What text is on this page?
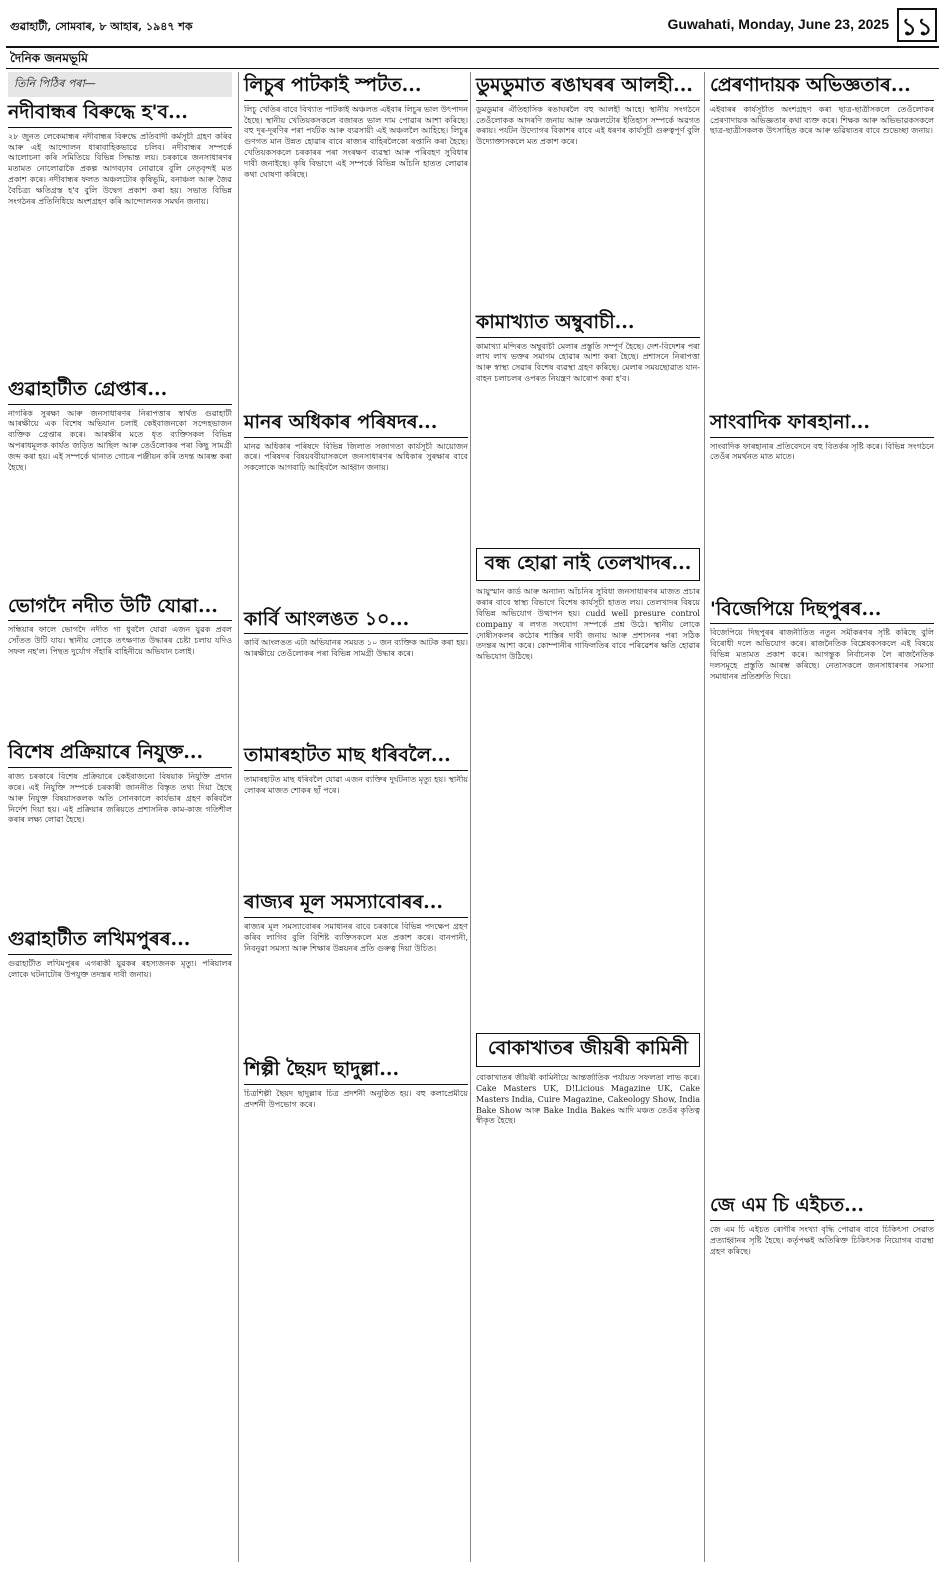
গুৱাহাটী, সোমবাৰ, ৮ আহাৰ, ১৯৪৭ শক	Guwahati, Monday, June 23, 2025 ১১
দৈনিক জনমভূমি
তিনি পিঠিৰ পৰা—
নদীবান্ধৰ বিৰুদ্ধে হ'ব...

২৮ জুনত লেকেমান্ধৰ নদীবান্ধৰ বিৰুদ্ধে প্ৰতিবাদী কৰ্মসূচী গ্ৰহণ কৰিব আৰু এই আন্দোলন ধাৰাবাহিকভাৱে চলিব। নদীবান্ধৰ সম্পৰ্কে আলোচনা কৰি সমিতিয়ে বিভিন্ন সিদ্ধান্ত লয়। চৰকাৰে জনসাধাৰণৰ মতামত নোলোৱাকৈ প্ৰকল্প আগবঢ়াব নোৱাৰে বুলি নেতৃবৃন্দই মত প্ৰকাশ কৰে। নদীবান্ধৰ ফলত অঞ্চলটোৰ কৃষিভূমি, বনাঞ্চল আৰু জৈৱ বৈচিত্ৰ্য ক্ষতিগ্ৰস্ত হ'ব বুলি উদ্বেগ প্ৰকাশ কৰা হয়। সভাত বিভিন্ন সংগঠনৰ প্ৰতিনিধিয়ে অংশগ্ৰহণ কৰি আন্দোলনক সমৰ্থন জনায়।

গুৱাহাটীত গ্ৰেপ্তাৰ...

নাগৰিক সুৰক্ষা আৰু জনসাধাৰণৰ নিৰাপত্তাৰ স্বাৰ্থত গুৱাহাটী আৰক্ষীয়ে এক বিশেষ অভিযান চলাই কেইবাজনকো সন্দেহভাজন ব্যক্তিক গ্ৰেপ্তাৰ কৰে। আৰক্ষীৰ মতে ধৃত ব্যক্তিসকল বিভিন্ন অপৰাধমূলক কাৰ্যত জড়িত আছিল আৰু তেওঁলোকৰ পৰা কিছু সামগ্ৰী জব্দ কৰা হয়। এই সম্পৰ্কে থানাত গোচৰ পঞ্জীয়ন কৰি তদন্ত আৰম্ভ কৰা হৈছে।

ভোগদৈ নদীত উটি যোৱা...

সন্ধিয়াৰ ফালে ভোগদৈ নদীত গা ধুবলৈ যোৱা এজন যুৱক প্ৰবল সোঁতত উটি যায়। স্থানীয় লোকে তৎক্ষণাত উদ্ধাৰৰ চেষ্টা চলায় যদিও সফল নহ'ল। পিছত দুৰ্যোগ সঁহাৰি বাহিনীয়ে অভিযান চলাই।

বিশেষ প্ৰক্ৰিয়াৰে নিযুক্ত...

ৰাজ্য চৰকাৰে বিশেষ প্ৰক্ৰিয়াৰে কেইবাজনো বিষয়াক নিযুক্তি প্ৰদান কৰে। এই নিযুক্তি সম্পৰ্কে চৰকাৰী জাননীত বিস্তৃত তথ্য দিয়া হৈছে আৰু নিযুক্ত বিষয়াসকলক অতি সোনকালে কাৰ্যভাৰ গ্ৰহণ কৰিবলৈ নিৰ্দেশ দিয়া হয়। এই প্ৰক্ৰিয়াৰ জৰিয়তে প্ৰশাসনিক কাম-কাজ গতিশীল কৰাৰ লক্ষ্য লোৱা হৈছে।

গুৱাহাটীত লখিমপুৰৰ...

গুৱাহাটীত লখিমপুৰৰ এগৰাকী যুৱকৰ ৰহস্যজনক মৃত্যু। পৰিয়ালৰ লোকে ঘটনাটোৰ উপযুক্ত তদন্তৰ দাবী জনায়।

লিচুৰ পাটকাই স্পটত...

লিচু খেতিৰ বাবে বিখ্যাত পাটকাই অঞ্চলত এইবাৰ লিচুৰ ভাল উৎপাদন হৈছে। স্থানীয় খেতিয়কসকলে বজাৰত ভাল দাম পোৱাৰ আশা কৰিছে। বহু দূৰ-দূৰণিৰ পৰা পৰ্যটক আৰু ব্যৱসায়ী এই অঞ্চললৈ আহিছে। লিচুৰ গুণগত মান উন্নত হোৱাৰ বাবে ৰাজ্যৰ বাহিৰলৈকো ৰপ্তানি কৰা হৈছে। খেতিয়কসকলে চৰকাৰৰ পৰা সংৰক্ষণ ব্যৱস্থা আৰু পৰিবহণ সুবিধাৰ দাবী জনাইছে। কৃষি বিভাগে এই সম্পৰ্কে বিভিন্ন আঁচনি হাতত লোৱাৰ কথা ঘোষণা কৰিছে।

মানৰ অধিকাৰ পৰিষদৰ...

মানৱ অধিকাৰ পৰিষদে বিভিন্ন জিলাত সজাগতা কাৰ্যসূচী আয়োজন কৰে। পৰিষদৰ বিষয়ববীয়াসকলে জনসাধাৰণৰ অধিকাৰ সুৰক্ষাৰ বাবে সকলোকে আগবাঢ়ি আহিবলৈ আহ্বান জনায়।

কাৰ্বি আংলঙত ১০...

কাৰ্বি আংলঙত এটা অভিযানৰ সময়ত ১০ জন ব্যক্তিক আটক কৰা হয়। আৰক্ষীয়ে তেওঁলোকৰ পৰা বিভিন্ন সামগ্ৰী উদ্ধাৰ কৰে।

তামাৰহাটত মাছ ধৰিবলৈ...

তামাৰহাটত মাছ ধৰিবলৈ যোৱা এজন ব্যক্তিৰ দুৰ্ঘটনাত মৃত্যু হয়। স্থানীয় লোকৰ মাজত শোকৰ ছাঁ পৰে।

ৰাজ্যৰ মূল সমস্যাবোৰৰ...

ৰাজ্যৰ মূল সমস্যাবোৰৰ সমাধানৰ বাবে চৰকাৰে বিভিন্ন পদক্ষেপ গ্ৰহণ কৰিব লাগিব বুলি বিশিষ্ট ব্যক্তিসকলে মত প্ৰকাশ কৰে। বানপানী, নিবনুৱা সমস্যা আৰু শিক্ষাৰ উন্নয়নৰ প্ৰতি গুৰুত্ব দিয়া উচিত।

শিল্পী ছৈয়দ ছাদুল্লা...

চিত্ৰশিল্পী ছৈয়দ ছাদুল্লাৰ চিত্ৰ প্ৰদৰ্শনী অনুষ্ঠিত হয়। বহু কলাপ্ৰেমীয়ে প্ৰদৰ্শনী উপভোগ কৰে।

ডুমডুমাত ৰঙাঘৰৰ আলহী...

ডুমডুমাৰ ঐতিহাসিক ৰঙাঘৰলৈ বহু আলহী আহে। স্থানীয় সংগঠনে তেওঁলোকক আদৰণি জনায় আৰু অঞ্চলটোৰ ইতিহাস সম্পৰ্কে অৱগত কৰায়। পৰ্যটন উদ্যোগৰ বিকাশৰ বাবে এই ধৰণৰ কাৰ্যসূচী গুৰুত্বপূৰ্ণ বুলি উদ্যোক্তাসকলে মত প্ৰকাশ কৰে।

কামাখ্যাত অম্বুবাচী...

কামাখ্যা মন্দিৰত অম্বুবাচী মেলাৰ প্ৰস্তুতি সম্পূৰ্ণ হৈছে। দেশ-বিদেশৰ পৰা লাখ লাখ ভক্তৰ সমাগম হোৱাৰ আশা কৰা হৈছে। প্ৰশাসনে নিৰাপত্তা আৰু স্বাস্থ্য সেৱাৰ বিশেষ ব্যৱস্থা গ্ৰহণ কৰিছে। মেলাৰ সময়ছোৱাত যান-বাহন চলাচলৰ ওপৰত নিয়ন্ত্ৰণ আৰোপ কৰা হ'ব।

বন্ধ হোৱা নাই তেলখাদৰ...

আয়ুস্মান কাৰ্ড আৰু অন্যান্য আঁচনিৰ সুবিধা জনসাধাৰণৰ মাজত প্ৰচাৰ কৰাৰ বাবে স্বাস্থ্য বিভাগে বিশেষ কাৰ্যসূচী হাতত লয়। তেলখাদৰ বিষয়ে বিভিন্ন অভিযোগ উত্থাপন হয়। cudd well presure control company ৰ লগত সংযোগ সম্পৰ্কে প্ৰশ্ন উঠে। স্থানীয় লোকে দোষীসকলৰ কঠোৰ শাস্তিৰ দাবী জনায় আৰু প্ৰশাসনৰ পৰা সঠিক তদন্তৰ আশা কৰে। কোম্পানীৰ গাফিলতিৰ বাবে পৰিৱেশৰ ক্ষতি হোৱাৰ অভিযোগ উঠিছে।

বোকাখাতৰ জীয়ৰী কামিনী

বোকাখাতৰ জীয়ৰী কামিনীয়ে আন্তৰ্জাতিক পৰ্যায়ত সফলতা লাভ কৰে। Cake Masters UK, D!Licious Magazine UK, Cake Masters India, Cuire Magazine, Cakeology Show, India Bake Show আৰু Bake India Bakes আদি মঞ্চত তেওঁৰ কৃতিত্ব স্বীকৃত হৈছে।

প্ৰেৰণাদায়ক অভিজ্ঞতাৰ...

এইবাৰৰ কাৰ্যসূচীত অংশগ্ৰহণ কৰা ছাত্ৰ-ছাত্ৰীসকলে তেওঁলোকৰ প্ৰেৰণাদায়ক অভিজ্ঞতাৰ কথা ব্যক্ত কৰে। শিক্ষক আৰু অভিভাৱকসকলে ছাত্ৰ-ছাত্ৰীসকলক উৎসাহিত কৰে আৰু ভৱিষ্যতৰ বাবে শুভেচ্ছা জনায়।

সাংবাদিক ফাৰহানা...

সাংবাদিক ফাৰহানাৰ প্ৰতিবেদনে বহু বিতৰ্কৰ সৃষ্টি কৰে। বিভিন্ন সংগঠনে তেওঁৰ সমৰ্থনত মাত মাতে।

'বিজেপিয়ে দিছপুৰৰ...

বিজেপিয়ে দিছপুৰৰ ৰাজনীতিত নতুন সমীকৰণৰ সৃষ্টি কৰিছে বুলি বিৰোধী দলে অভিযোগ কৰে। ৰাজনৈতিক বিশ্লেষকসকলে এই বিষয়ে বিভিন্ন মতামত প্ৰকাশ কৰে। আগন্তুক নিৰ্বাচনক লৈ ৰাজনৈতিক দলসমূহে প্ৰস্তুতি আৰম্ভ কৰিছে। নেতাসকলে জনসাধাৰণৰ সমস্যা সমাধানৰ প্ৰতিশ্ৰুতি দিয়ে।

জে এম চি এইচত...

জে এম চি এইচত ৰোগীৰ সংখ্যা বৃদ্ধি পোৱাৰ বাবে চিকিৎসা সেৱাত প্ৰত্যাহ্বানৰ সৃষ্টি হৈছে। কৰ্তৃপক্ষই অতিৰিক্ত চিকিৎসক নিয়োগৰ ব্যৱস্থা গ্ৰহণ কৰিছে।
